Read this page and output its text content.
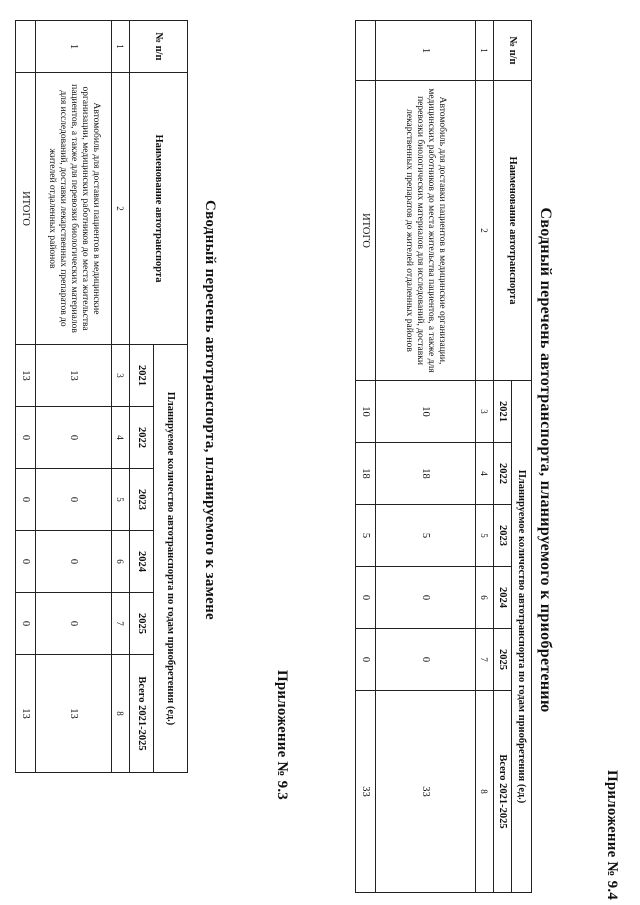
Приложение № 9.3
Сводный перечень автотранспорта, планируемого к замене
№ п/п	Наименование автотранспорта	Планируемое количество автотранспорта по годам приобретения (ед.)					
		2021	2022	2023	2024	2025	Всего 2021-2025
1	2	3	4	5	6	7	8
1	Автомобиль для доставки пациентов в медицинские организации, медицинских работников до места жительства пациентов, а также для перевозки биологических материалов для исследований, доставки лекарственных препаратов до жителей отдаленных районов	13	0	0	0	0	13
	ИТОГО	13	0	0	0	0	13
Приложение № 9.4
Сводный перечень автотранспорта, планируемого к приобретению
№ п/п	Наименование автотранспорта	Планируемое количество автотранспорта по годам приобретения (ед.)					
		2021	2022	2023	2024	2025	Всего 2021-2025
1	2	3	4	5	6	7	8
1	Автомобиль для доставки пациентов в медицинские организации, медицинских работников до места жительства пациентов, а также для перевозки биологических материалов для исследований, доставки лекарственных препаратов до жителей отдаленных районов	10	18	5	0	0	33
	ИТОГО	10	18	5	0	0	33
